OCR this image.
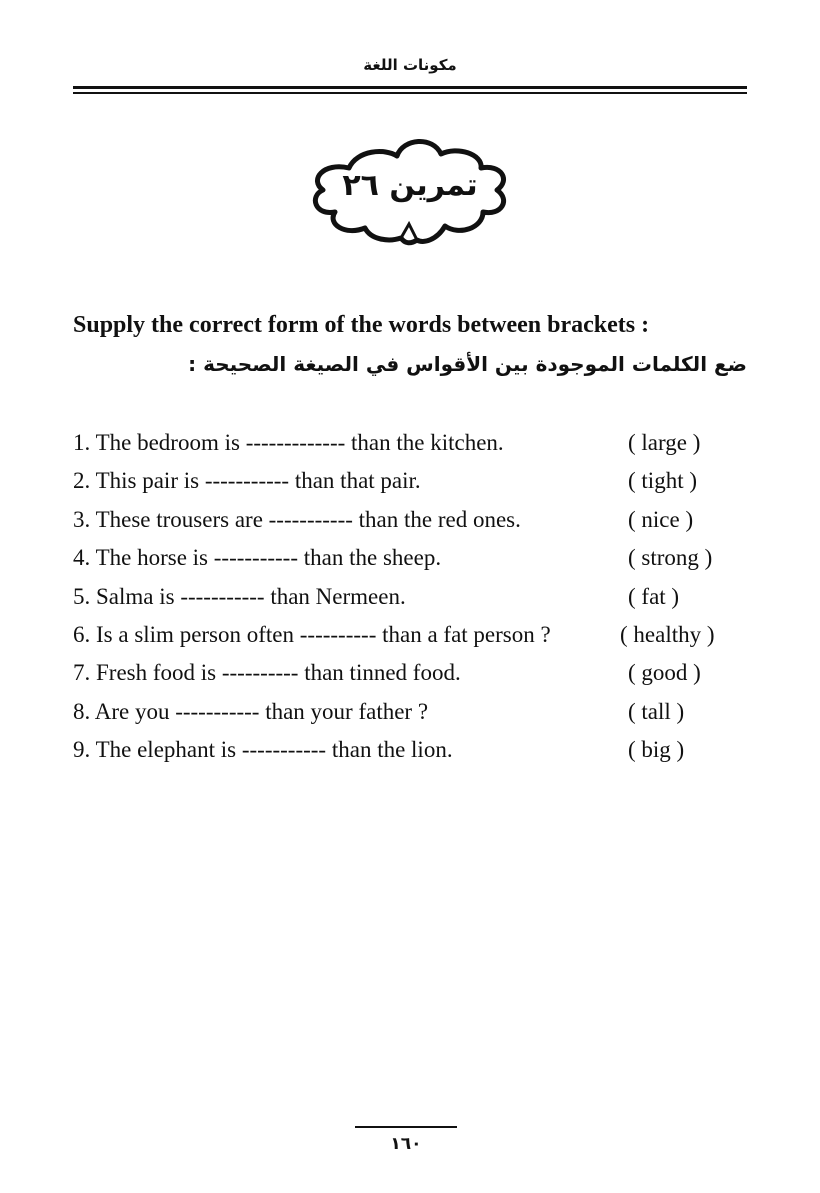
مكونات اللغة
تمرين ٢٦
Supply the correct form of the words between brackets :
ضع الكلمات الموجودة بين الأقواس في الصيغة الصحيحة :
1. The bedroom is ------------- than the kitchen.	( large )
2. This pair is ----------- than that pair.	( tight )
3. These trousers are ----------- than the red ones.	( nice )
4. The horse is ----------- than the sheep.	( strong )
5. Salma is ----------- than Nermeen.	( fat )
6. Is a slim person often ---------- than a fat person ?	( healthy )
7. Fresh food is ---------- than tinned food.	( good )
8. Are you ----------- than your father ?	( tall )
9. The elephant is ----------- than the lion.	( big )
١٦٠
